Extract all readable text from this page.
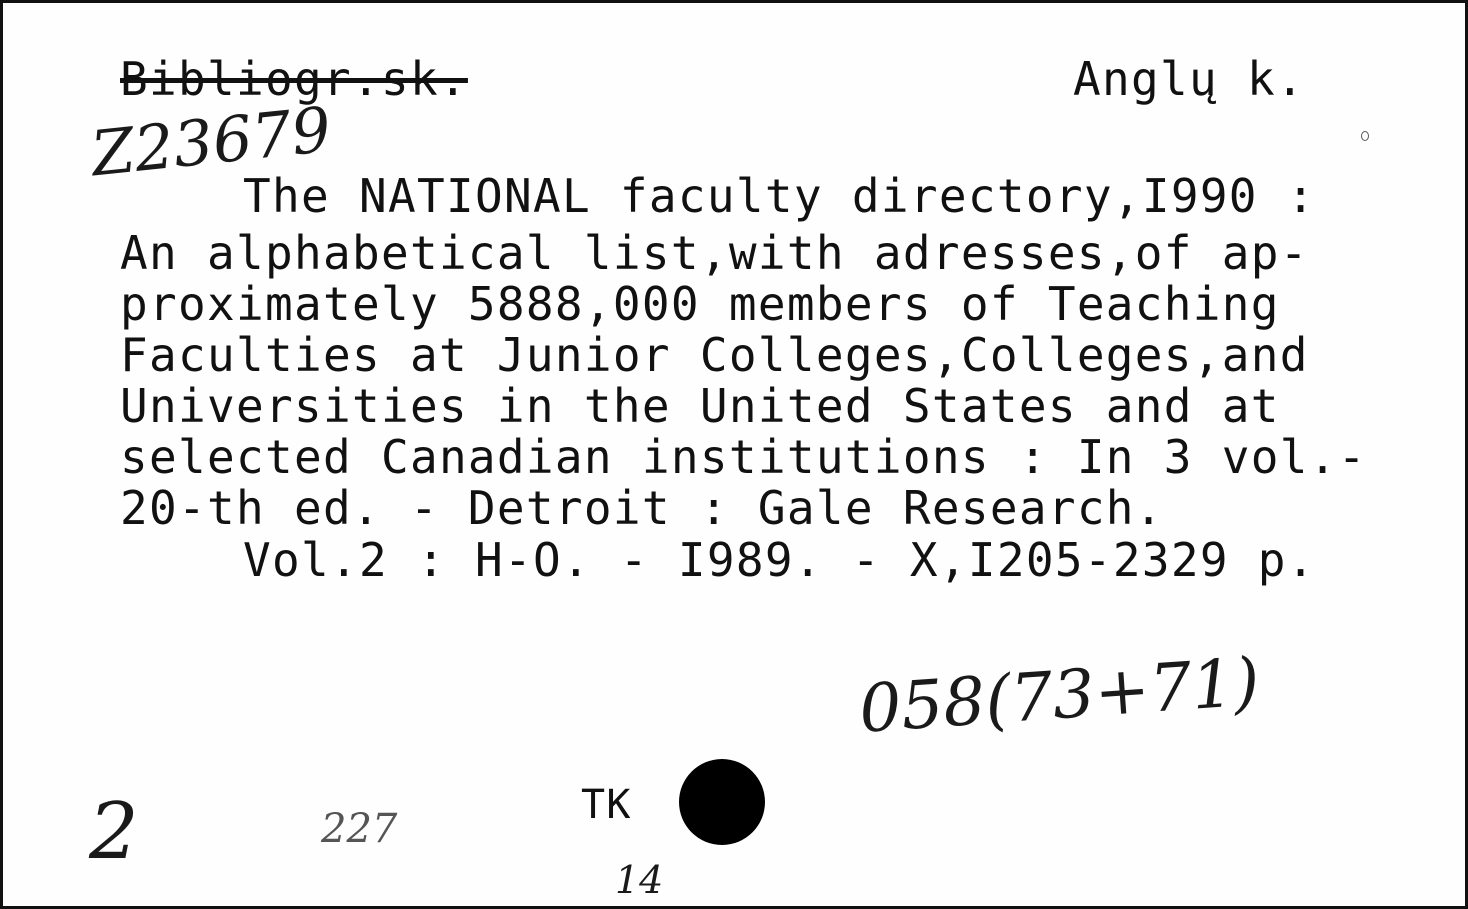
Bibliogr.sk.	Anglų k.
Z23679
The NATIONAL faculty directory,I990 :
An alphabetical list,with adresses,of ap-
proximately 5888,000 members of Teaching
Faculties at Junior Colleges,Colleges,and
Universities in the United States and at
selected Canadian institutions : In 3 vol.-
20-th ed. - Detroit : Gale Research.
Vol.2 : H-O. - I989. - X,I205-2329 p.
058(73+71)
TK
2	227
14
